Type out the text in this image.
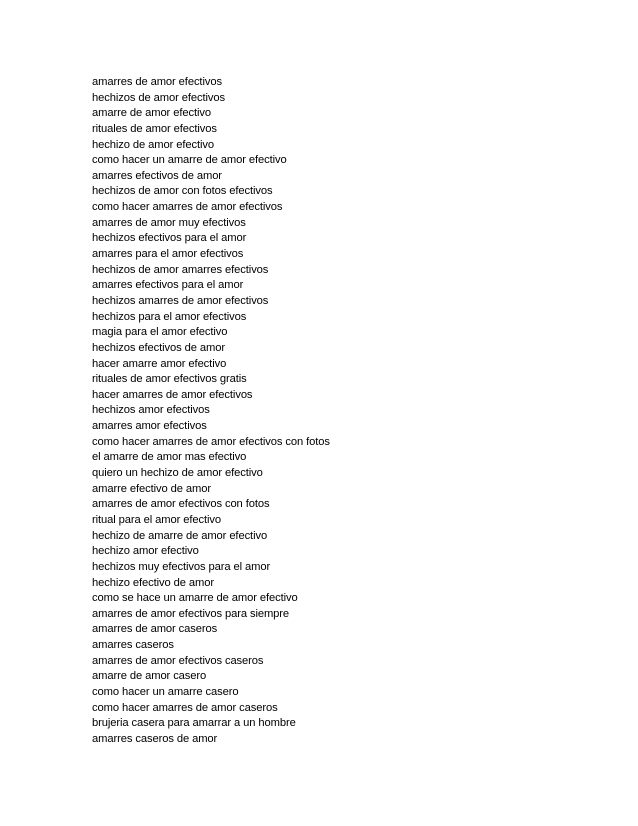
amarres de amor efectivos
hechizos de amor efectivos
amarre de amor efectivo
rituales de amor efectivos
hechizo de amor efectivo
como hacer un amarre de amor efectivo
amarres efectivos de amor
hechizos de amor con fotos efectivos
como hacer amarres de amor efectivos
amarres de amor muy efectivos
hechizos efectivos para el amor
amarres para el amor efectivos
hechizos de amor amarres efectivos
amarres efectivos para el amor
hechizos amarres de amor efectivos
hechizos para el amor efectivos
magia para el amor efectivo
hechizos efectivos de amor
hacer amarre amor efectivo
rituales de amor efectivos gratis
hacer amarres de amor efectivos
hechizos amor efectivos
amarres amor efectivos
como hacer amarres de amor efectivos con fotos
el amarre de amor mas efectivo
quiero un hechizo de amor efectivo
amarre efectivo de amor
amarres de amor efectivos con fotos
ritual para el amor efectivo
hechizo de amarre de amor efectivo
hechizo amor efectivo
hechizos muy efectivos para el amor
hechizo efectivo de amor
como se hace un amarre de amor efectivo
amarres de amor efectivos para siempre
amarres de amor caseros
amarres caseros
amarres de amor efectivos caseros
amarre de amor casero
como hacer un amarre casero
como hacer amarres de amor caseros
brujeria casera para amarrar a un hombre
amarres caseros de amor
